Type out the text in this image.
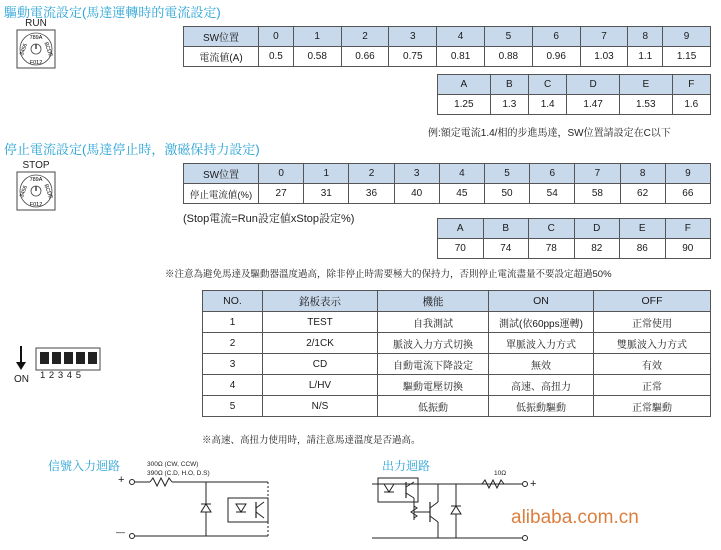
驅動電流設定(馬達運轉時的電流設定)
RUN
789A
3456 BCDE
F012
SW位置	0	1	2	3	4	5	6	7	8	9
電流値(A)	0.5	0.58	0.66	0.75	0.81	0.88	0.96	1.03	1.1	1.15
A	B	C	D	E	F
1.25	1.3	1.4	1.47	1.53	1.6
例:額定電流1.4/相的步進馬達，SW位置請設定在C以下
停止電流設定(馬達停止時，激磁保持力設定)
STOP
789A
3456 BCDE
F012
SW位置	0	1	2	3	4	5	6	7	8	9
停止電流値(%)	27	31	36	40	45	50	54	58	62	66
(Stop電流=Run設定値xStop設定%)
A	B	C	D	E	F
70	74	78	82	86	90
※注意為避免馬達及驅動器溫度過高，除非停止時需要極大的保持力，否則停止電流盡量不要設定超過50%
ON 1 2 3 4 5
NO.	銘板表示	機能	ON	OFF
1	TEST	自我測試	測試(依60pps運轉)	正常使用
2	2/1CK	脈波入力方式切換	單脈波入力方式	雙脈波入力方式
3	CD	自動電流下降設定	無效	有效
4	L/HV	驅動電壓切換	高速、高扭力	正常
5	N/S	低振動	低振動驅動	正常驅動
※高速、高扭力使用時，請注意馬達溫度是否過高。
信號入力迴路	300Ω (CW, CCW)
390Ω (C.D, H.O, D.S)
+
—
出力迴路
10Ω
+
alibaba.com.cn
